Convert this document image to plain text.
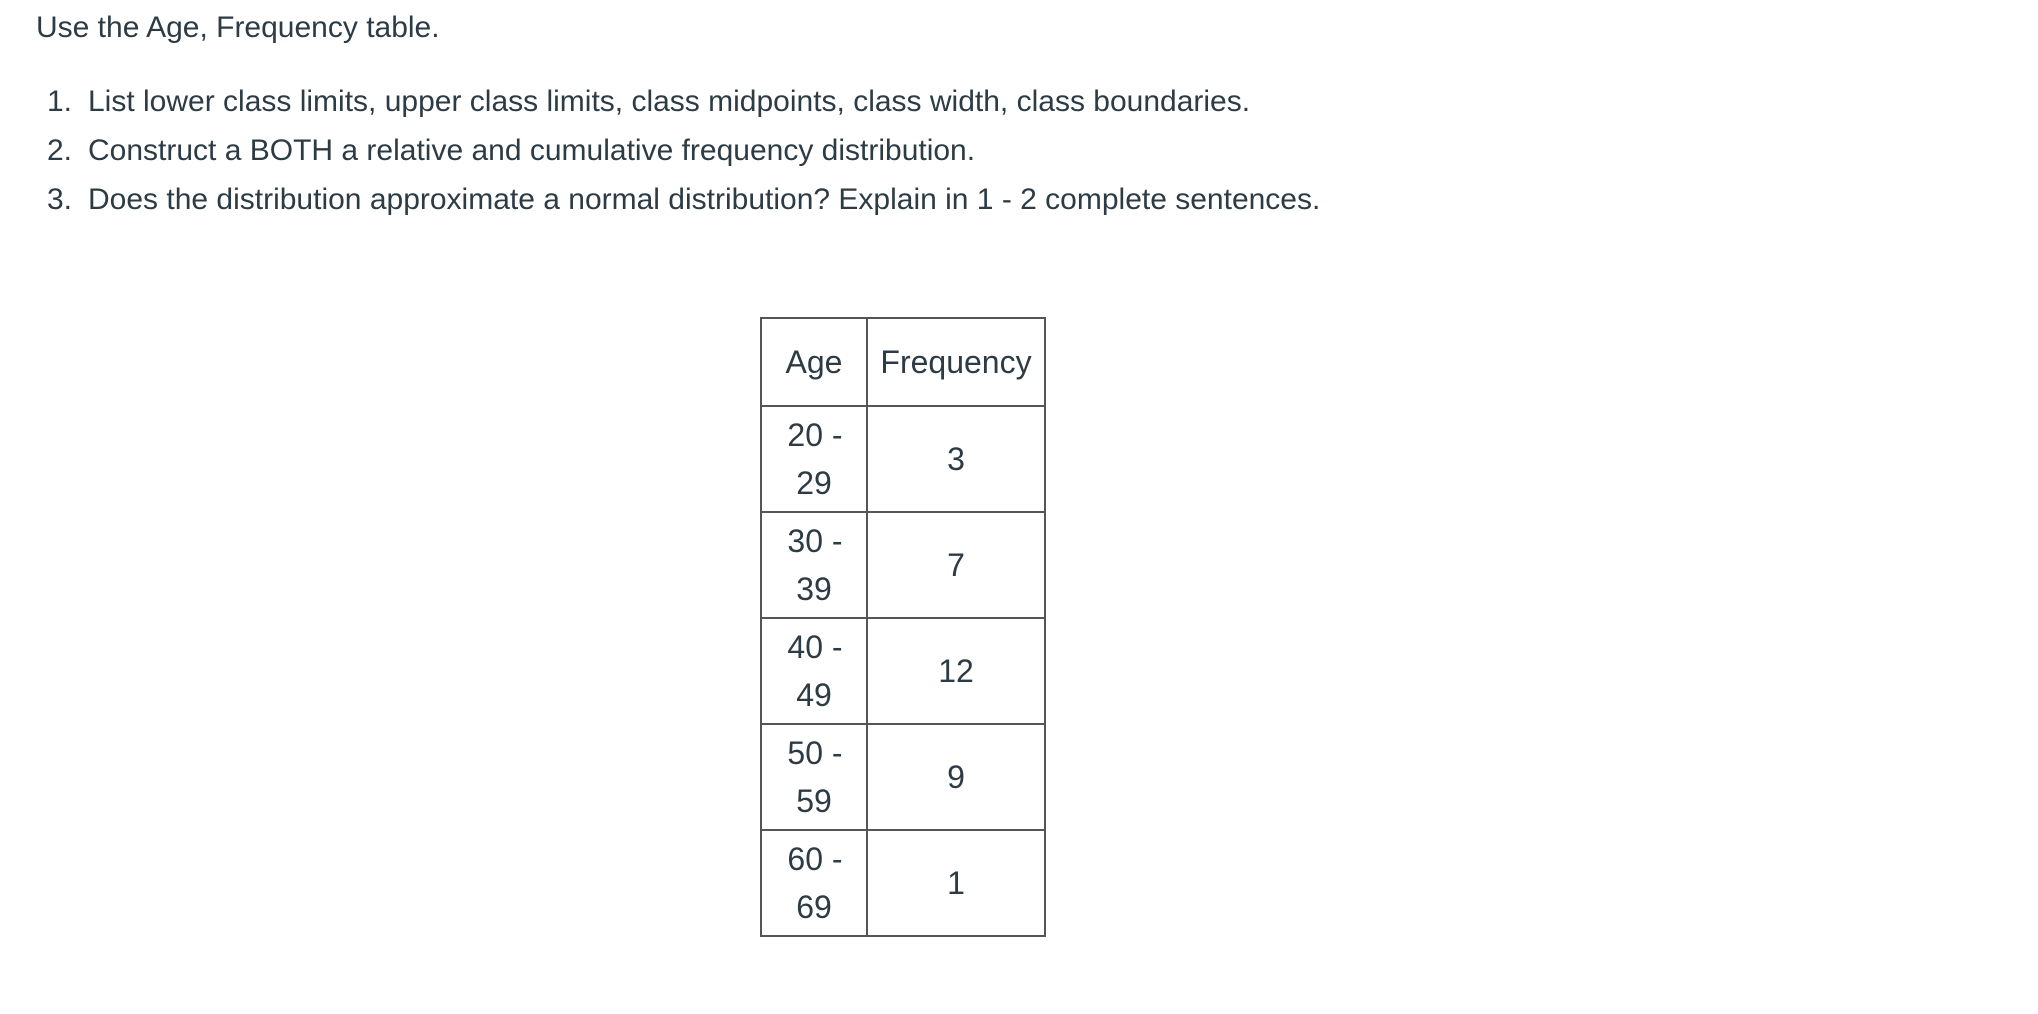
Use the Age, Frequency table.

1. List lower class limits, upper class limits, class midpoints, class width, class boundaries.
2. Construct a BOTH a relative and cumulative frequency distribution.
3. Does the distribution approximate a normal distribution? Explain in 1 - 2 complete sentences.
Age	Frequency

20 -
29	3

30 -
39	7

40 -
49	12

50 -
59	9

60 -
69	1
